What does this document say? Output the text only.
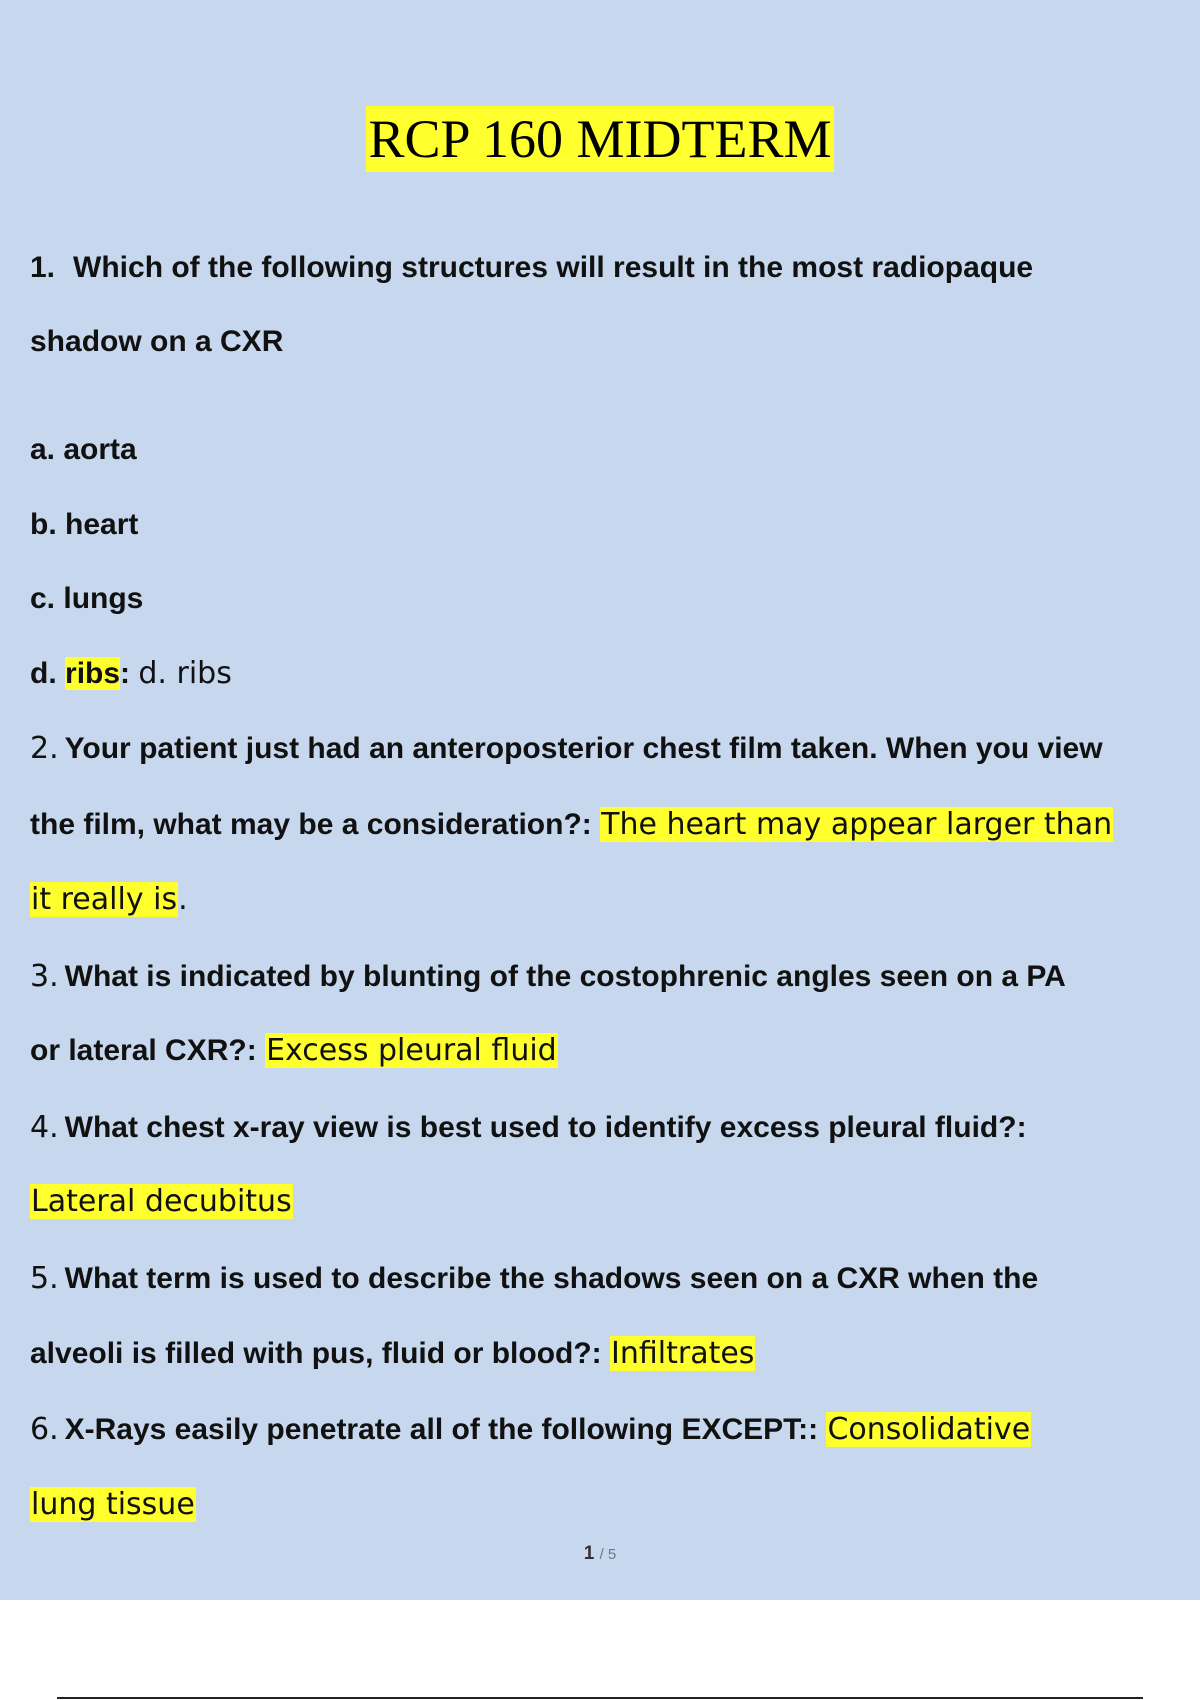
RCP 160 MIDTERM
1. Which of the following structures will result in the most radiopaque
shadow on a CXR
a. aorta
b. heart
c. lungs
d. ribs: d. ribs
2. Your patient just had an anteroposterior chest film taken. When you view
the film, what may be a consideration?: The heart may appear larger than
it really is.
3. What is indicated by blunting of the costophrenic angles seen on a PA
or lateral CXR?: Excess pleural fluid
4. What chest x-ray view is best used to identify excess pleural fluid?:
Lateral decubitus
5. What term is used to describe the shadows seen on a CXR when the
alveoli is filled with pus, fluid or blood?: Infiltrates
6. X-Rays easily penetrate all of the following EXCEPT:: Consolidative
lung tissue
1 / 5
